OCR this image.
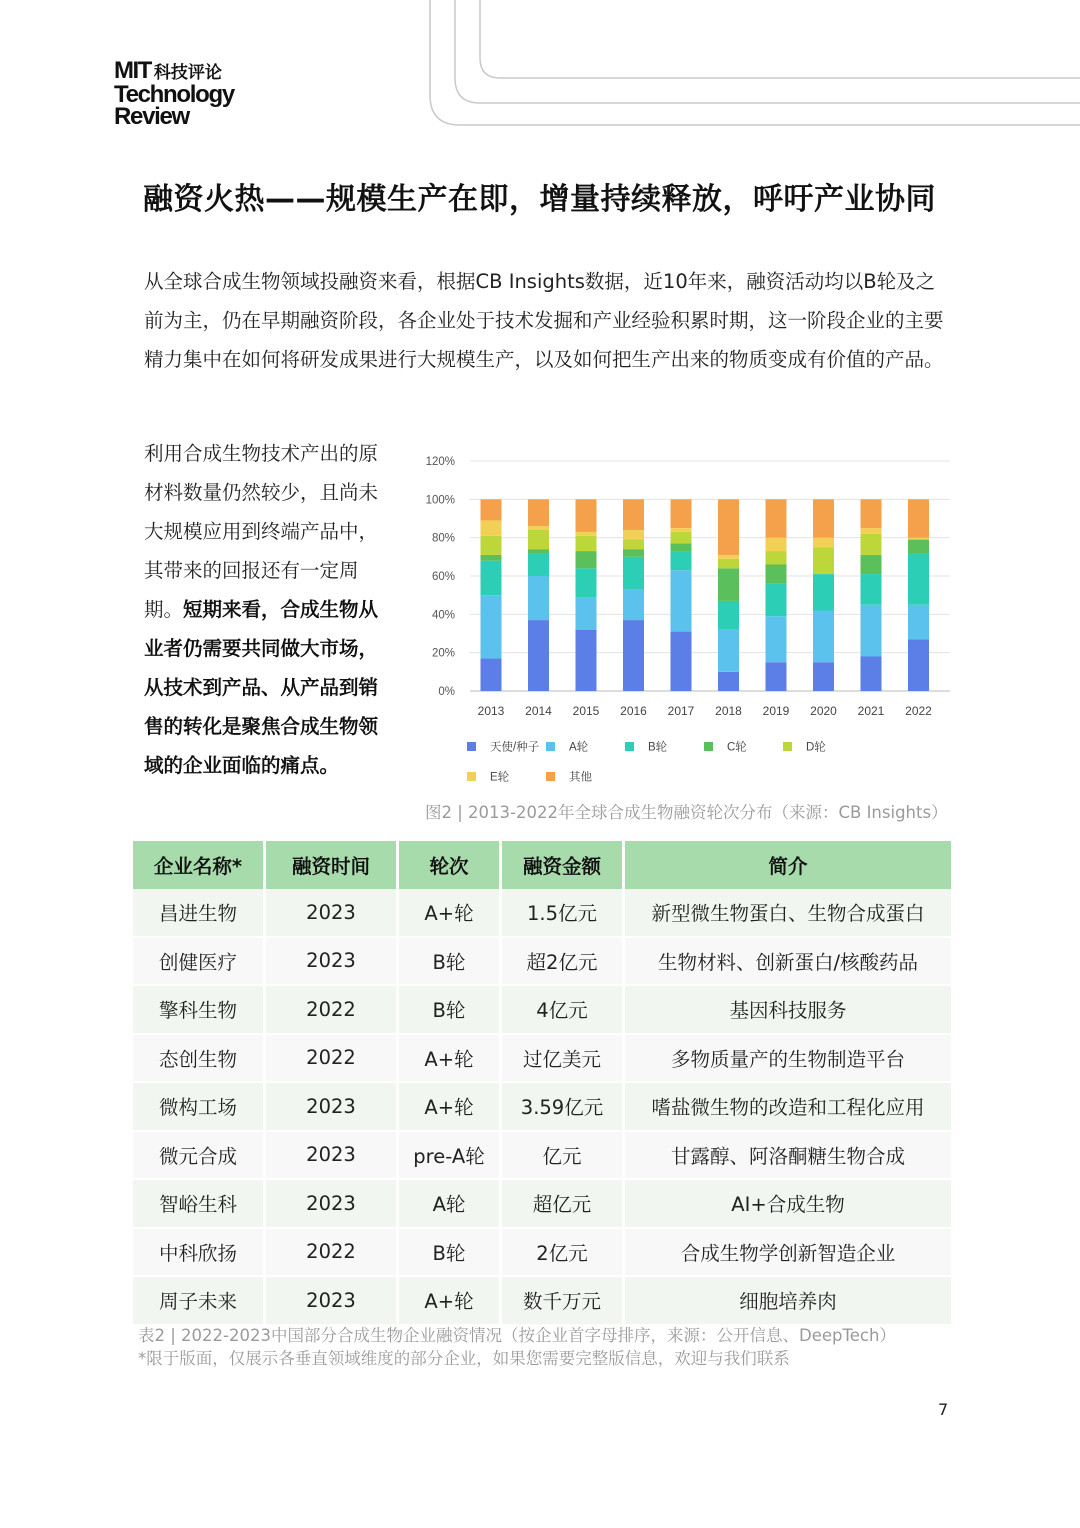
MIT 科技评论
Technology
Review
融资火热——规模生产在即，增量持续释放，呼吁产业协同

从全球合成生物领域投融资来看，根据CB Insights数据，近10年来，融资活动均以B轮及之前为主，仍在早期融资阶段，各企业处于技术发掘和产业经验积累时期，这一阶段企业的主要精力集中在如何将研发成果进行大规模生产，以及如何把生产出来的物质变成有价值的产品。

利用合成生物技术产出的原材料数量仍然较少，且尚未大规模应用到终端产品中，其带来的回报还有一定周期。短期来看，合成生物从业者仍需要共同做大市场，从技术到产品、从产品到销售的转化是聚焦合成生物领域的企业面临的痛点。

0%
20%
40%
60%
80%
100%
120%
2013 2014 2015 2016 2017 2018 2019 2020 2021 2022
天使/种子	A轮	B轮	C轮	D轮
E轮	其他
图2 | 2013-2022年全球合成生物融资轮次分布（来源：CB Insights）
企业名称*	融资时间	轮次	融资金额	简介
昌进生物	2023	A+轮	1.5亿元	新型微生物蛋白、生物合成蛋白
创健医疗	2023	B轮	超2亿元	生物材料、创新蛋白/核酸药品
擎科生物	2022	B轮	4亿元	基因科技服务
态创生物	2022	A+轮	过亿美元	多物质量产的生物制造平台
微构工场	2023	A+轮	3.59亿元	嗜盐微生物的改造和工程化应用
微元合成	2023	pre-A轮	亿元	甘露醇、阿洛酮糖生物合成
智峪生科	2023	A轮	超亿元	AI+合成生物
中科欣扬	2022	B轮	2亿元	合成生物学创新智造企业
周子未来	2023	A+轮	数千万元	细胞培养肉
表2 | 2022-2023中国部分合成生物企业融资情况（按企业首字母排序，来源：公开信息、DeepTech）
*限于版面，仅展示各垂直领域维度的部分企业，如果您需要完整版信息，欢迎与我们联系
7
